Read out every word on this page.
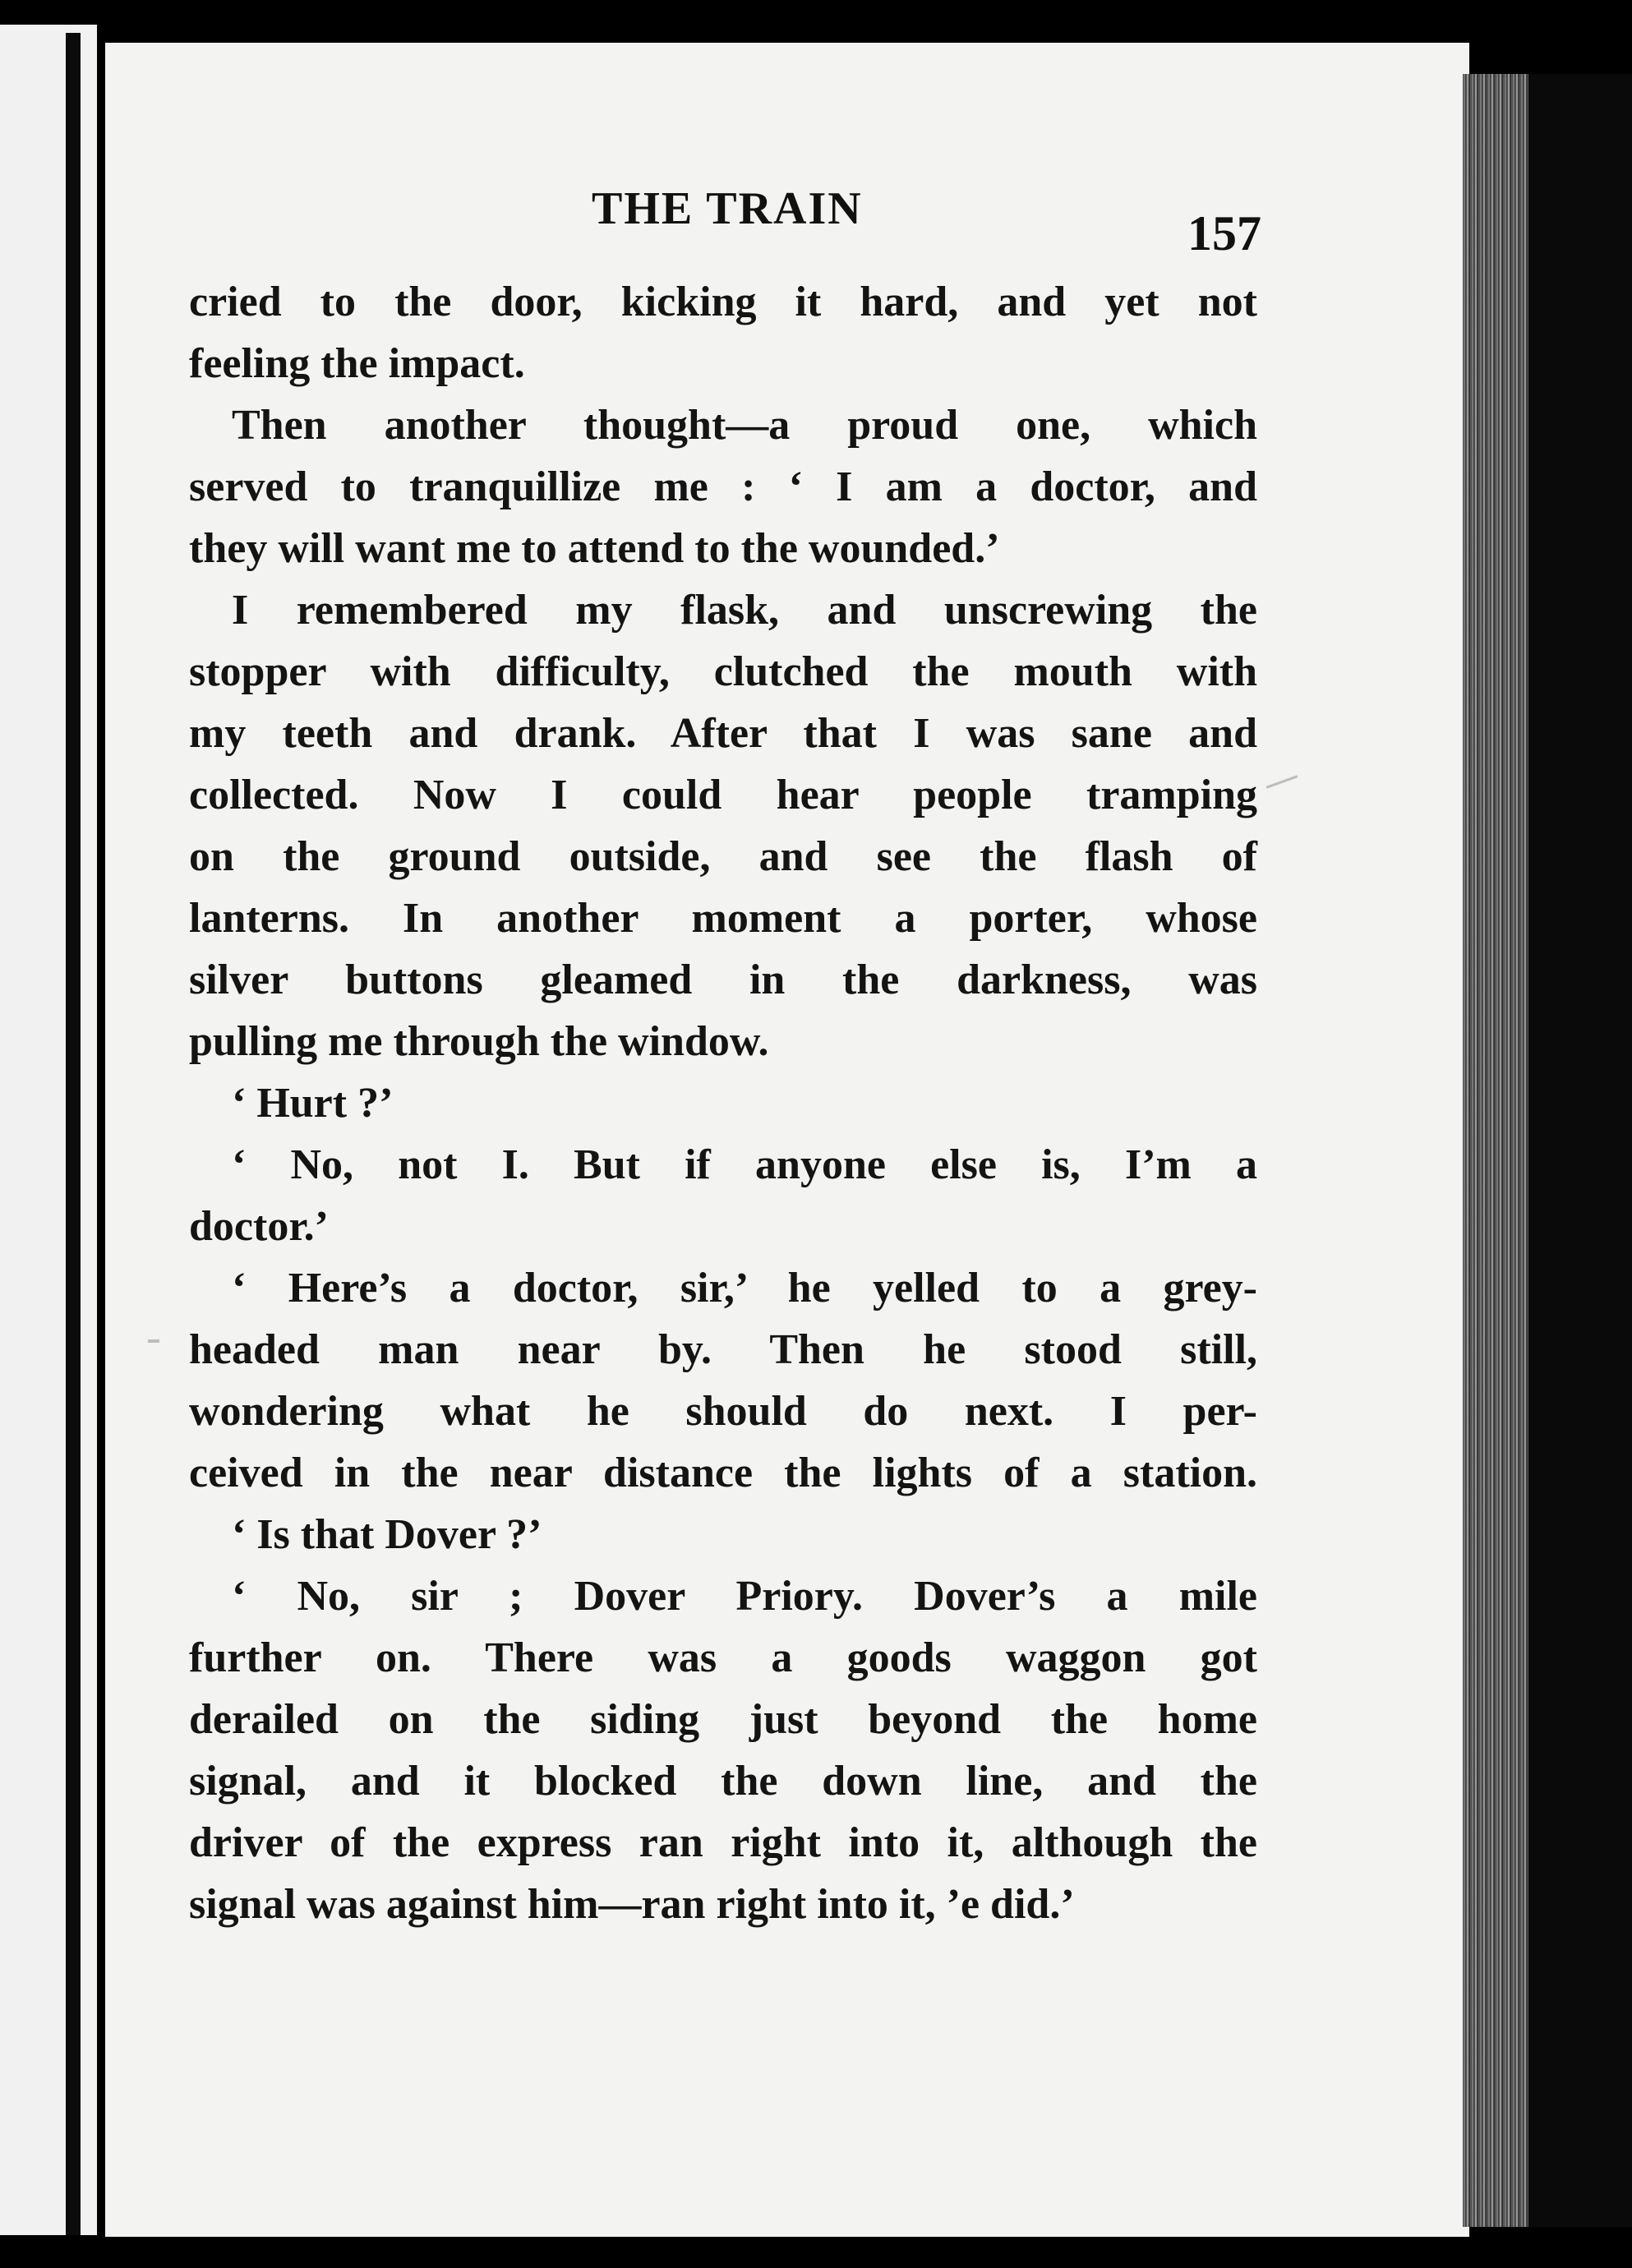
THE TRAIN	157
cried to the door, kicking it hard, and yet not
feeling the impact.
Then another thought—a proud one, which
served to tranquillize me : ‘ I am a doctor, and
they will want me to attend to the wounded.’
I remembered my flask, and unscrewing the
stopper with difficulty, clutched the mouth with
my teeth and drank. After that I was sane and
collected. Now I could hear people tramping
on the ground outside, and see the flash of
lanterns. In another moment a porter, whose
silver buttons gleamed in the darkness, was
pulling me through the window.
‘ Hurt ?’
‘ No, not I. But if anyone else is, I’m a
doctor.’
‘ Here’s a doctor, sir,’ he yelled to a grey-
headed man near by. Then he stood still,
wondering what he should do next. I per-
ceived in the near distance the lights of a station.
‘ Is that Dover ?’
‘ No, sir ; Dover Priory. Dover’s a mile
further on. There was a goods waggon got
derailed on the siding just beyond the home
signal, and it blocked the down line, and the
driver of the express ran right into it, although the
signal was against him—ran right into it, ’e did.’
